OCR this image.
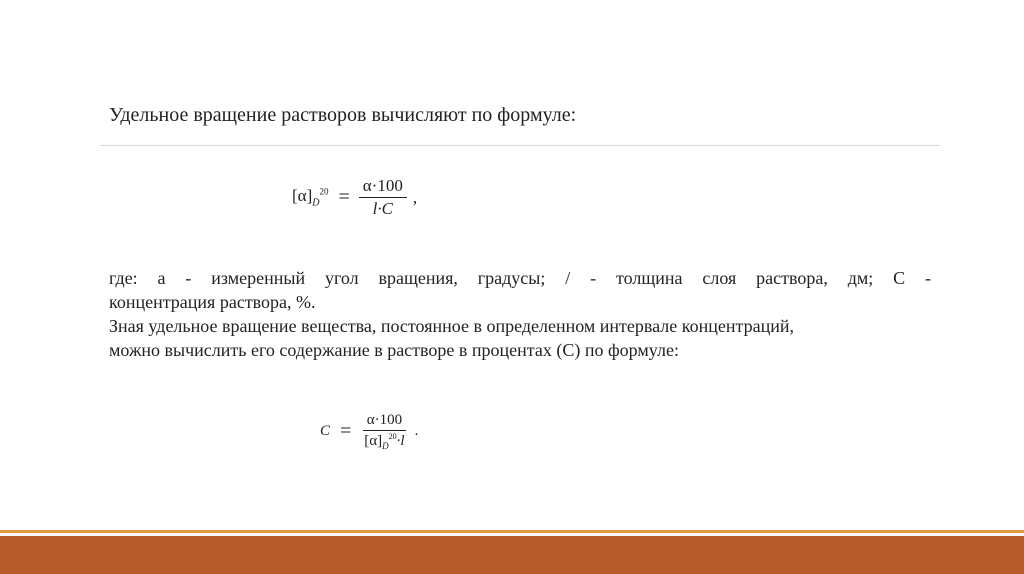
Удельное вращение растворов вычисляют по формуле:
$[\alpha]_D^{20} = \frac{\alpha\cdot 100}{l\cdot C}$ ,
где: a - измеренный угол вращения, градусы; / - толщина слоя раствора, дм; С -
концентрация раствора, %.
Зная удельное вращение вещества, постоянное в определенном интервале концентраций,
можно вычислить его содержание в растворе в процентах (С) по формуле:
$C = \frac{\alpha\cdot 100}{[\alpha]_D^{20}\cdot l}$ .
